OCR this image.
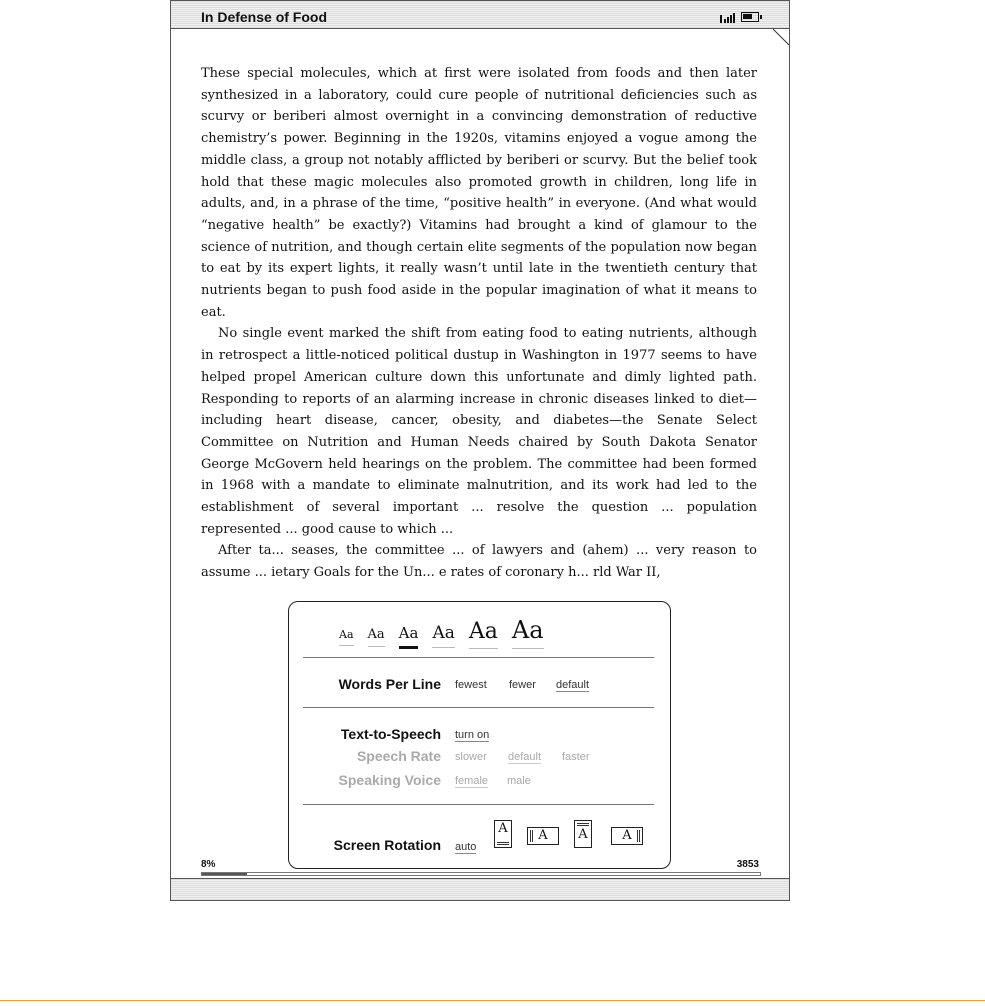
In Defense of Food	.

These special molecules, which at first were isolated from foods and then later synthesized in a laboratory, could cure people of nutritional deficiencies such as scurvy or beriberi almost overnight in a convincing demonstration of reductive chemistry’s power. Beginning in the 1920s, vitamins enjoyed a vogue among the middle class, a group not notably afflicted by beriberi or scurvy. But the belief took hold that these magic molecules also promoted growth in children, long life in adults, and, in a phrase of the time, “positive health” in everyone. (And what would “negative health” be exactly?) Vitamins had brought a kind of glamour to the science of nutrition, and though certain elite segments of the population now began to eat by its expert lights, it really wasn’t until late in the twentieth century that nutrients began to push food aside in the popular imagination of what it means to eat.

No single event marked the shift from eating food to eating nutrients, although in retrospect a little-noticed political dustup in Washington in 1977 seems to have helped propel American culture down this unfortunate and dimly lighted path. Responding to reports of an alarming increase in chronic diseases linked to diet—including heart disease, cancer, obesity, and diabetes—the Senate Select Committee on Nutrition and Human Needs chaired by South Dakota Senator George McGovern held hearings on the problem. The committee had been formed in 1968 with a mandate to eliminate malnutrition, and its work had led to the establishment of several important ... resolve the question ... population represented ... good cause to which ...

After ta... seases, the committee ... of lawyers and (ahem) ... very reason to assume ... ietary Goals for the Un... e rates of coronary h... rld War II,

8%	3853
Aa Aa Aa Aa Aa Aa
Words Per Line fewest fewer default
Text-to-Speech turn on
Speech Rate slower default faster
Speaking Voice female male
Screen Rotation auto
A	A	A	A
